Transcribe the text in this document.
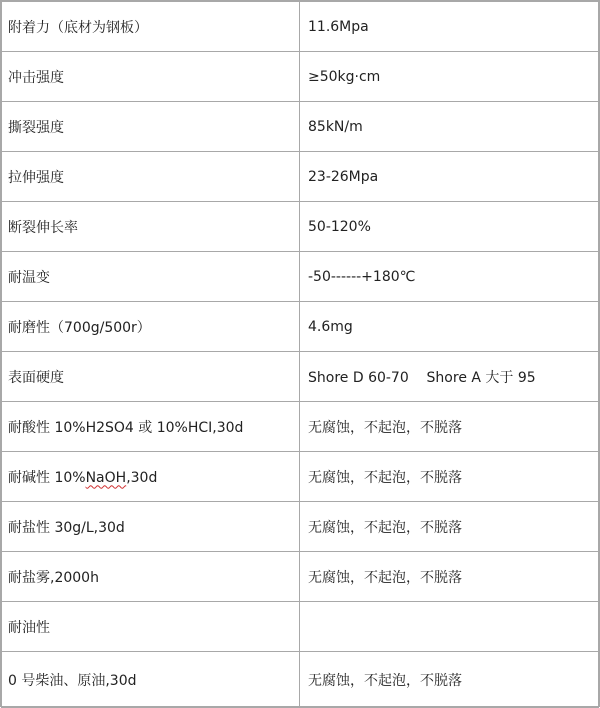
附着力（底材为钢板）	11.6Mpa
冲击强度	≥50kg·cm
撕裂强度	85kN/m
拉伸强度	23-26Mpa
断裂伸长率	50-120%
耐温变	-50------+180℃
耐磨性（700g/500r）	4.6mg
表面硬度	Shore D 60-70    Shore A 大于 95
耐酸性 10%H2SO4 或 10%HCI,30d	无腐蚀，不起泡，不脱落
耐碱性 10%NaOH,30d	无腐蚀，不起泡，不脱落
耐盐性 30g/L,30d	无腐蚀，不起泡，不脱落
耐盐雾,2000h	无腐蚀，不起泡，不脱落
耐油性	
0 号柴油、原油,30d	无腐蚀，不起泡，不脱落
